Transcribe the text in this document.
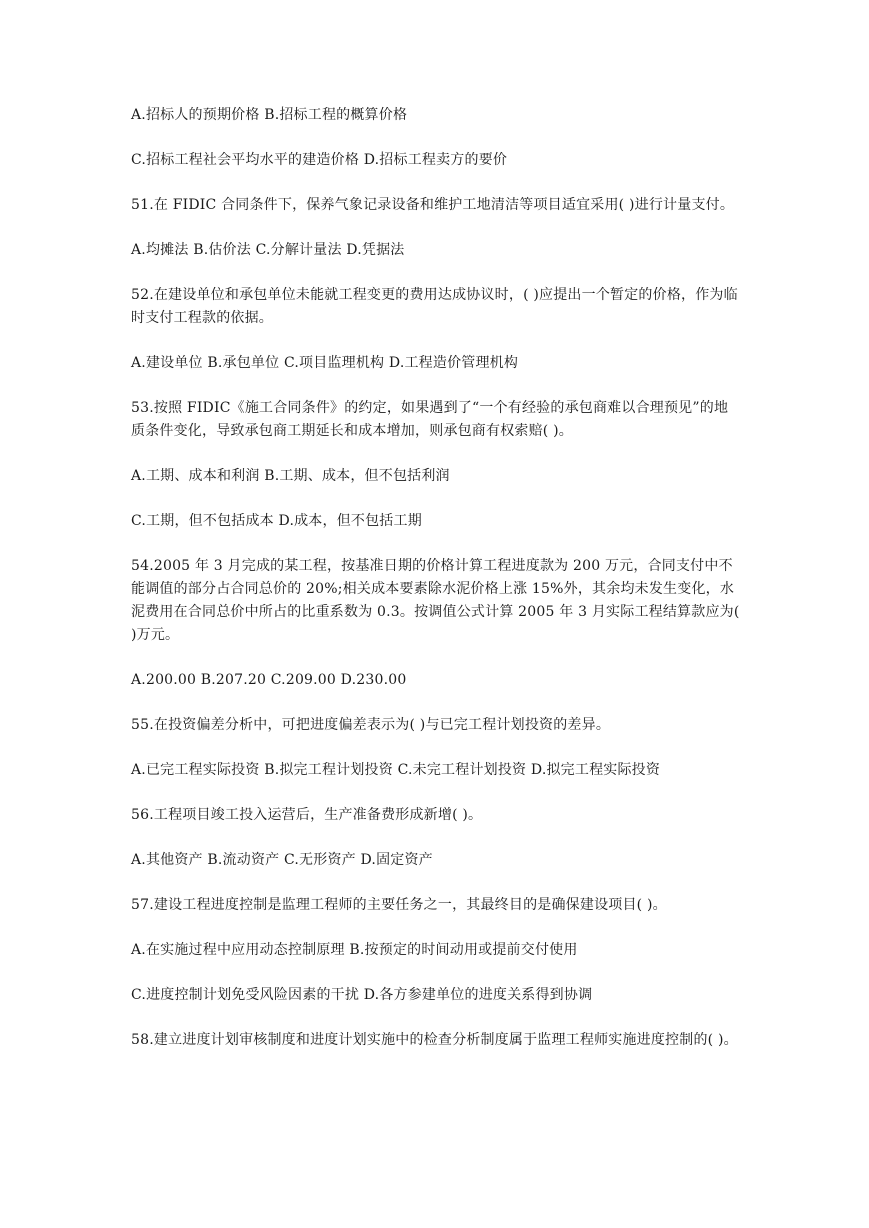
A.招标人的预期价格 B.招标工程的概算价格

C.招标工程社会平均水平的建造价格 D.招标工程卖方的要价

51.在 FIDIC 合同条件下，保养气象记录设备和维护工地清洁等项目适宜采用( )进行计量支付。

A.均摊法 B.估价法 C.分解计量法 D.凭据法

52.在建设单位和承包单位未能就工程变更的费用达成协议时，( )应提出一个暂定的价格，作为临时支付工程款的依据。

A.建设单位 B.承包单位 C.项目监理机构 D.工程造价管理机构

53.按照 FIDIC《施工合同条件》的约定，如果遇到了“一个有经验的承包商难以合理预见”的地质条件变化，导致承包商工期延长和成本增加，则承包商有权索赔( )。

A.工期、成本和利润 B.工期、成本，但不包括利润

C.工期，但不包括成本 D.成本，但不包括工期

54.2005 年 3 月完成的某工程，按基准日期的价格计算工程进度款为 200 万元，合同支付中不能调值的部分占合同总价的 20%;相关成本要素除水泥价格上涨 15%外，其余均未发生变化，水泥费用在合同总价中所占的比重系数为 0.3。按调值公式计算 2005 年 3 月实际工程结算款应为( )万元。

A.200.00 B.207.20 C.209.00 D.230.00

55.在投资偏差分析中，可把进度偏差表示为( )与已完工程计划投资的差异。

A.已完工程实际投资 B.拟完工程计划投资 C.未完工程计划投资 D.拟完工程实际投资

56.工程项目竣工投入运营后，生产准备费形成新增( )。

A.其他资产 B.流动资产 C.无形资产 D.固定资产

57.建设工程进度控制是监理工程师的主要任务之一，其最终目的是确保建设项目( )。

A.在实施过程中应用动态控制原理 B.按预定的时间动用或提前交付使用

C.进度控制计划免受风险因素的干扰 D.各方参建单位的进度关系得到协调

58.建立进度计划审核制度和进度计划实施中的检查分析制度属于监理工程师实施进度控制的( )。
